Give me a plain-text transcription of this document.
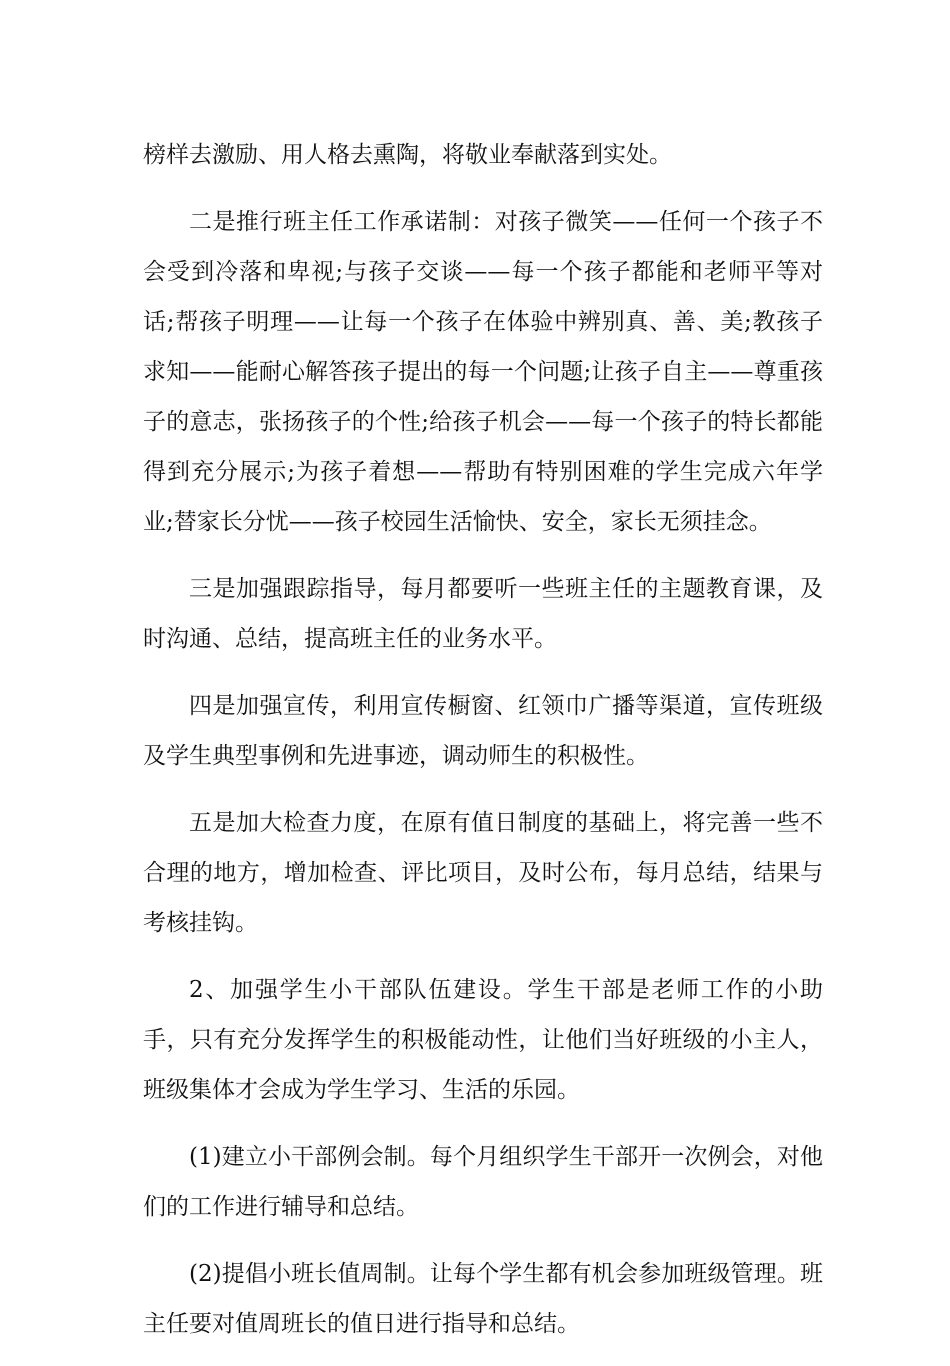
榜样去激励、用人格去熏陶，将敬业奉献落到实处。

二是推行班主任工作承诺制：对孩子微笑——任何一个孩子不会受到冷落和卑视;与孩子交谈——每一个孩子都能和老师平等对话;帮孩子明理——让每一个孩子在体验中辨别真、善、美;教孩子求知——能耐心解答孩子提出的每一个问题;让孩子自主——尊重孩子的意志，张扬孩子的个性;给孩子机会——每一个孩子的特长都能得到充分展示;为孩子着想——帮助有特别困难的学生完成六年学业;替家长分忧——孩子校园生活愉快、安全，家长无须挂念。

三是加强跟踪指导，每月都要听一些班主任的主题教育课，及时沟通、总结，提高班主任的业务水平。

四是加强宣传，利用宣传橱窗、红领巾广播等渠道，宣传班级及学生典型事例和先进事迹，调动师生的积极性。

五是加大检查力度，在原有值日制度的基础上，将完善一些不合理的地方，增加检查、评比项目，及时公布，每月总结，结果与考核挂钩。

2、加强学生小干部队伍建设。学生干部是老师工作的小助手，只有充分发挥学生的积极能动性，让他们当好班级的小主人，班级集体才会成为学生学习、生活的乐园。

(1)建立小干部例会制。每个月组织学生干部开一次例会，对他们的工作进行辅导和总结。

(2)提倡小班长值周制。让每个学生都有机会参加班级管理。班主任要对值周班长的值日进行指导和总结。
